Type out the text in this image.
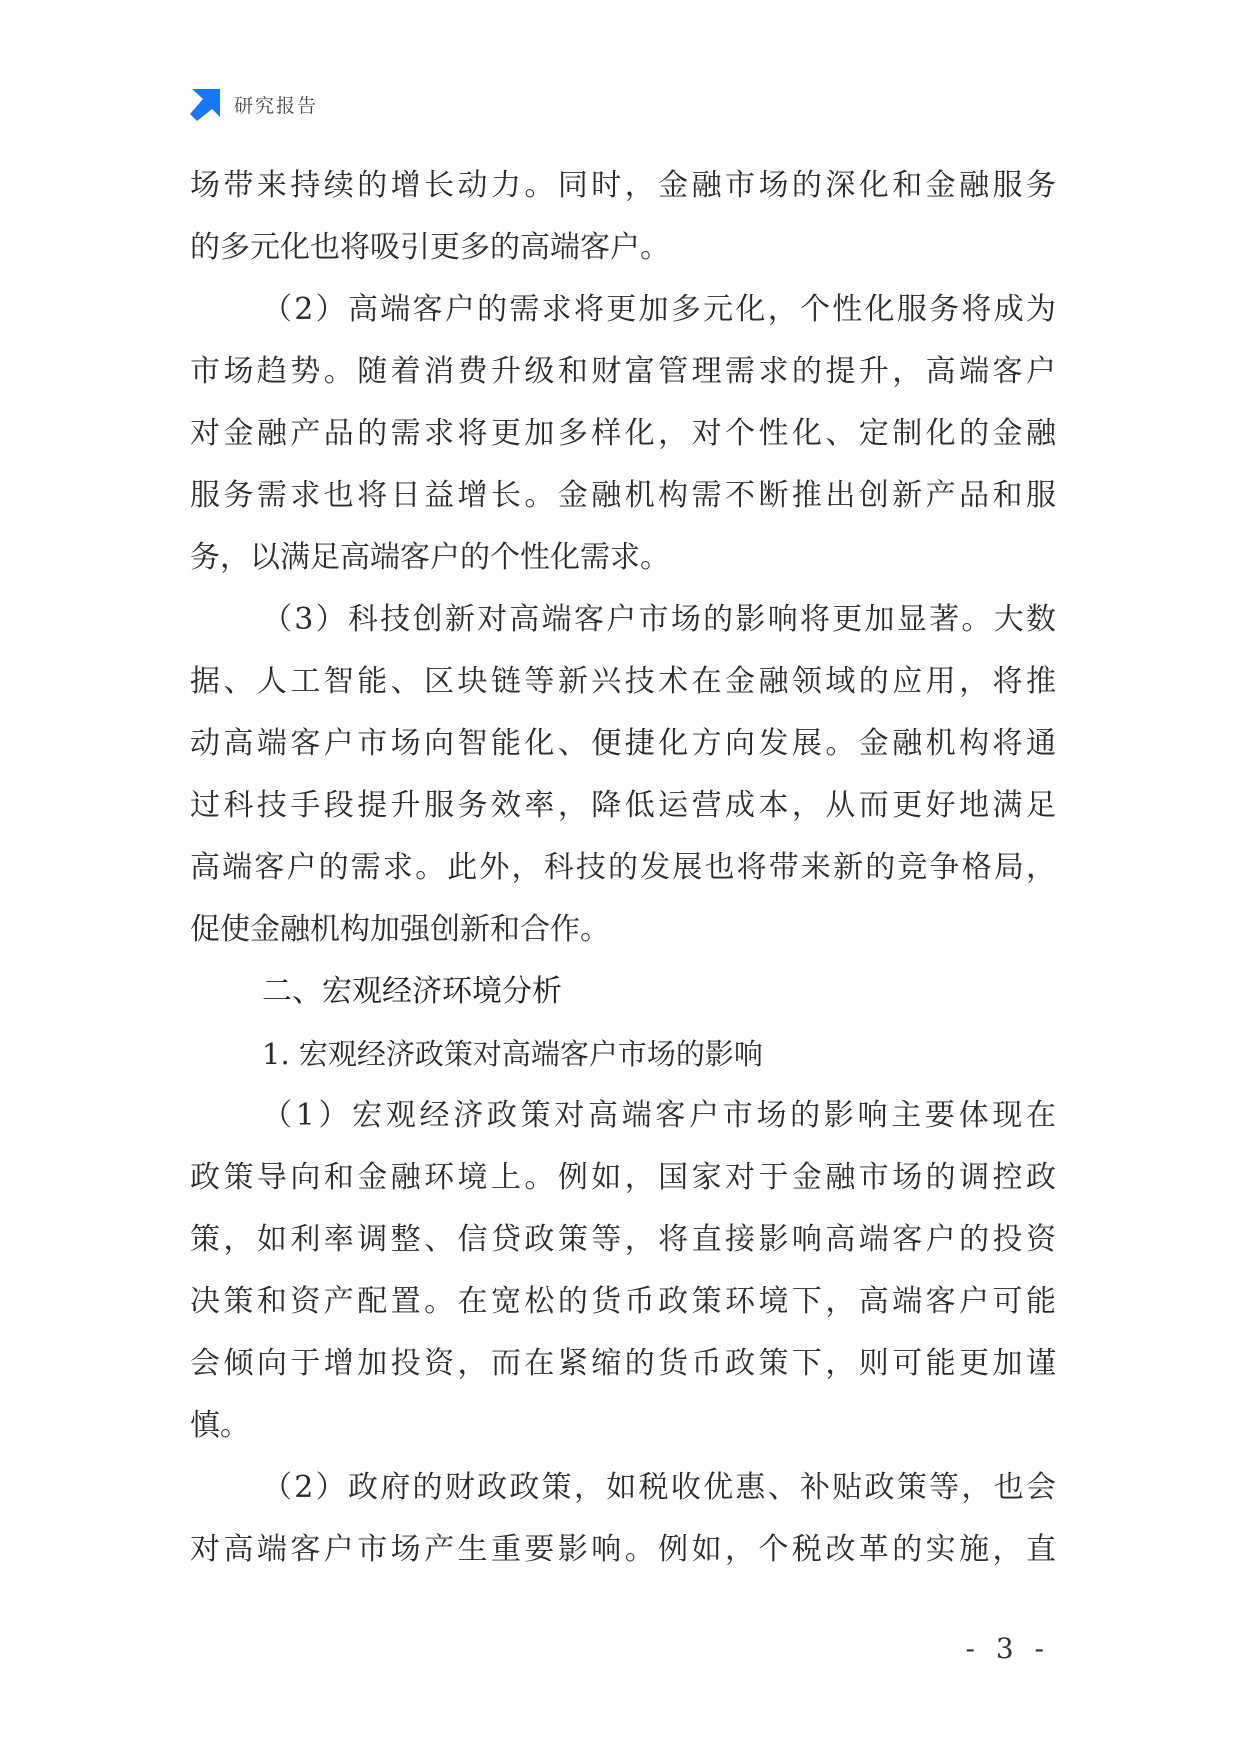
研究报告
场带来持续的增长动力。同时，金融市场的深化和金融服务
的多元化也将吸引更多的高端客户。
（2）高端客户的需求将更加多元化，个性化服务将成为
市场趋势。随着消费升级和财富管理需求的提升，高端客户
对金融产品的需求将更加多样化，对个性化、定制化的金融
服务需求也将日益增长。金融机构需不断推出创新产品和服
务，以满足高端客户的个性化需求。
（3）科技创新对高端客户市场的影响将更加显著。大数
据、人工智能、区块链等新兴技术在金融领域的应用，将推
动高端客户市场向智能化、便捷化方向发展。金融机构将通
过科技手段提升服务效率，降低运营成本，从而更好地满足
高端客户的需求。此外，科技的发展也将带来新的竞争格局，
促使金融机构加强创新和合作。
二、宏观经济环境分析
1. 宏观经济政策对高端客户市场的影响
（1）宏观经济政策对高端客户市场的影响主要体现在
政策导向和金融环境上。例如，国家对于金融市场的调控政
策，如利率调整、信贷政策等，将直接影响高端客户的投资
决策和资产配置。在宽松的货币政策环境下，高端客户可能
会倾向于增加投资，而在紧缩的货币政策下，则可能更加谨
慎。
（2）政府的财政政策，如税收优惠、补贴政策等，也会
对高端客户市场产生重要影响。例如，个税改革的实施，直
- 3 -
